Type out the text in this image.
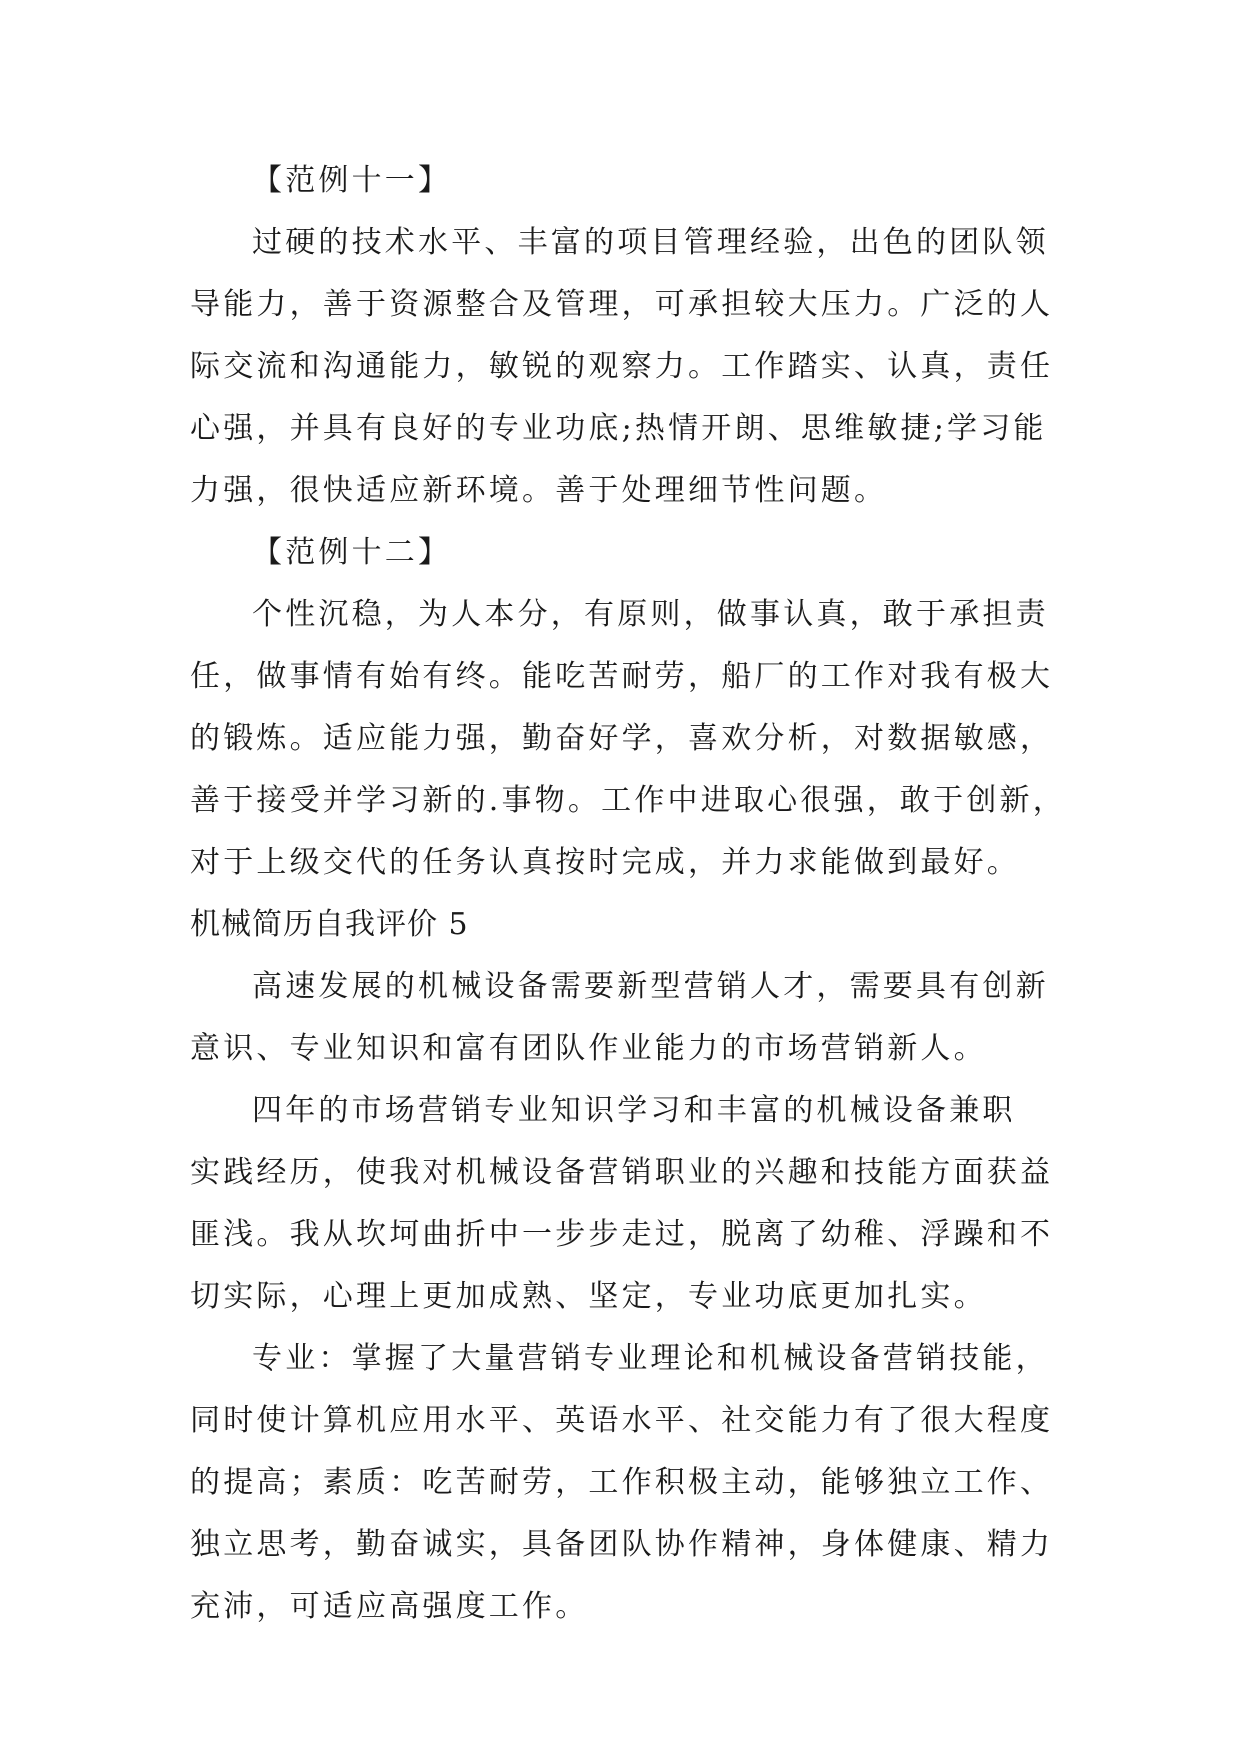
【范例十一】
过硬的技术水平、丰富的项目管理经验，出色的团队领
导能力，善于资源整合及管理，可承担较大压力。广泛的人
际交流和沟通能力，敏锐的观察力。工作踏实、认真，责任
心强，并具有良好的专业功底;热情开朗、思维敏捷;学习能
力强，很快适应新环境。善于处理细节性问题。
【范例十二】
个性沉稳，为人本分，有原则，做事认真，敢于承担责
任，做事情有始有终。能吃苦耐劳，船厂的工作对我有极大
的锻炼。适应能力强，勤奋好学，喜欢分析，对数据敏感，
善于接受并学习新的.事物。工作中进取心很强，敢于创新，
对于上级交代的任务认真按时完成，并力求能做到最好。
机械简历自我评价 5
高速发展的机械设备需要新型营销人才，需要具有创新
意识、专业知识和富有团队作业能力的市场营销新人。
四年的市场营销专业知识学习和丰富的机械设备兼职
实践经历，使我对机械设备营销职业的兴趣和技能方面获益
匪浅。我从坎坷曲折中一步步走过，脱离了幼稚、浮躁和不
切实际，心理上更加成熟、坚定，专业功底更加扎实。
专业：掌握了大量营销专业理论和机械设备营销技能，
同时使计算机应用水平、英语水平、社交能力有了很大程度
的提高；素质：吃苦耐劳，工作积极主动，能够独立工作、
独立思考，勤奋诚实，具备团队协作精神，身体健康、精力
充沛，可适应高强度工作。
